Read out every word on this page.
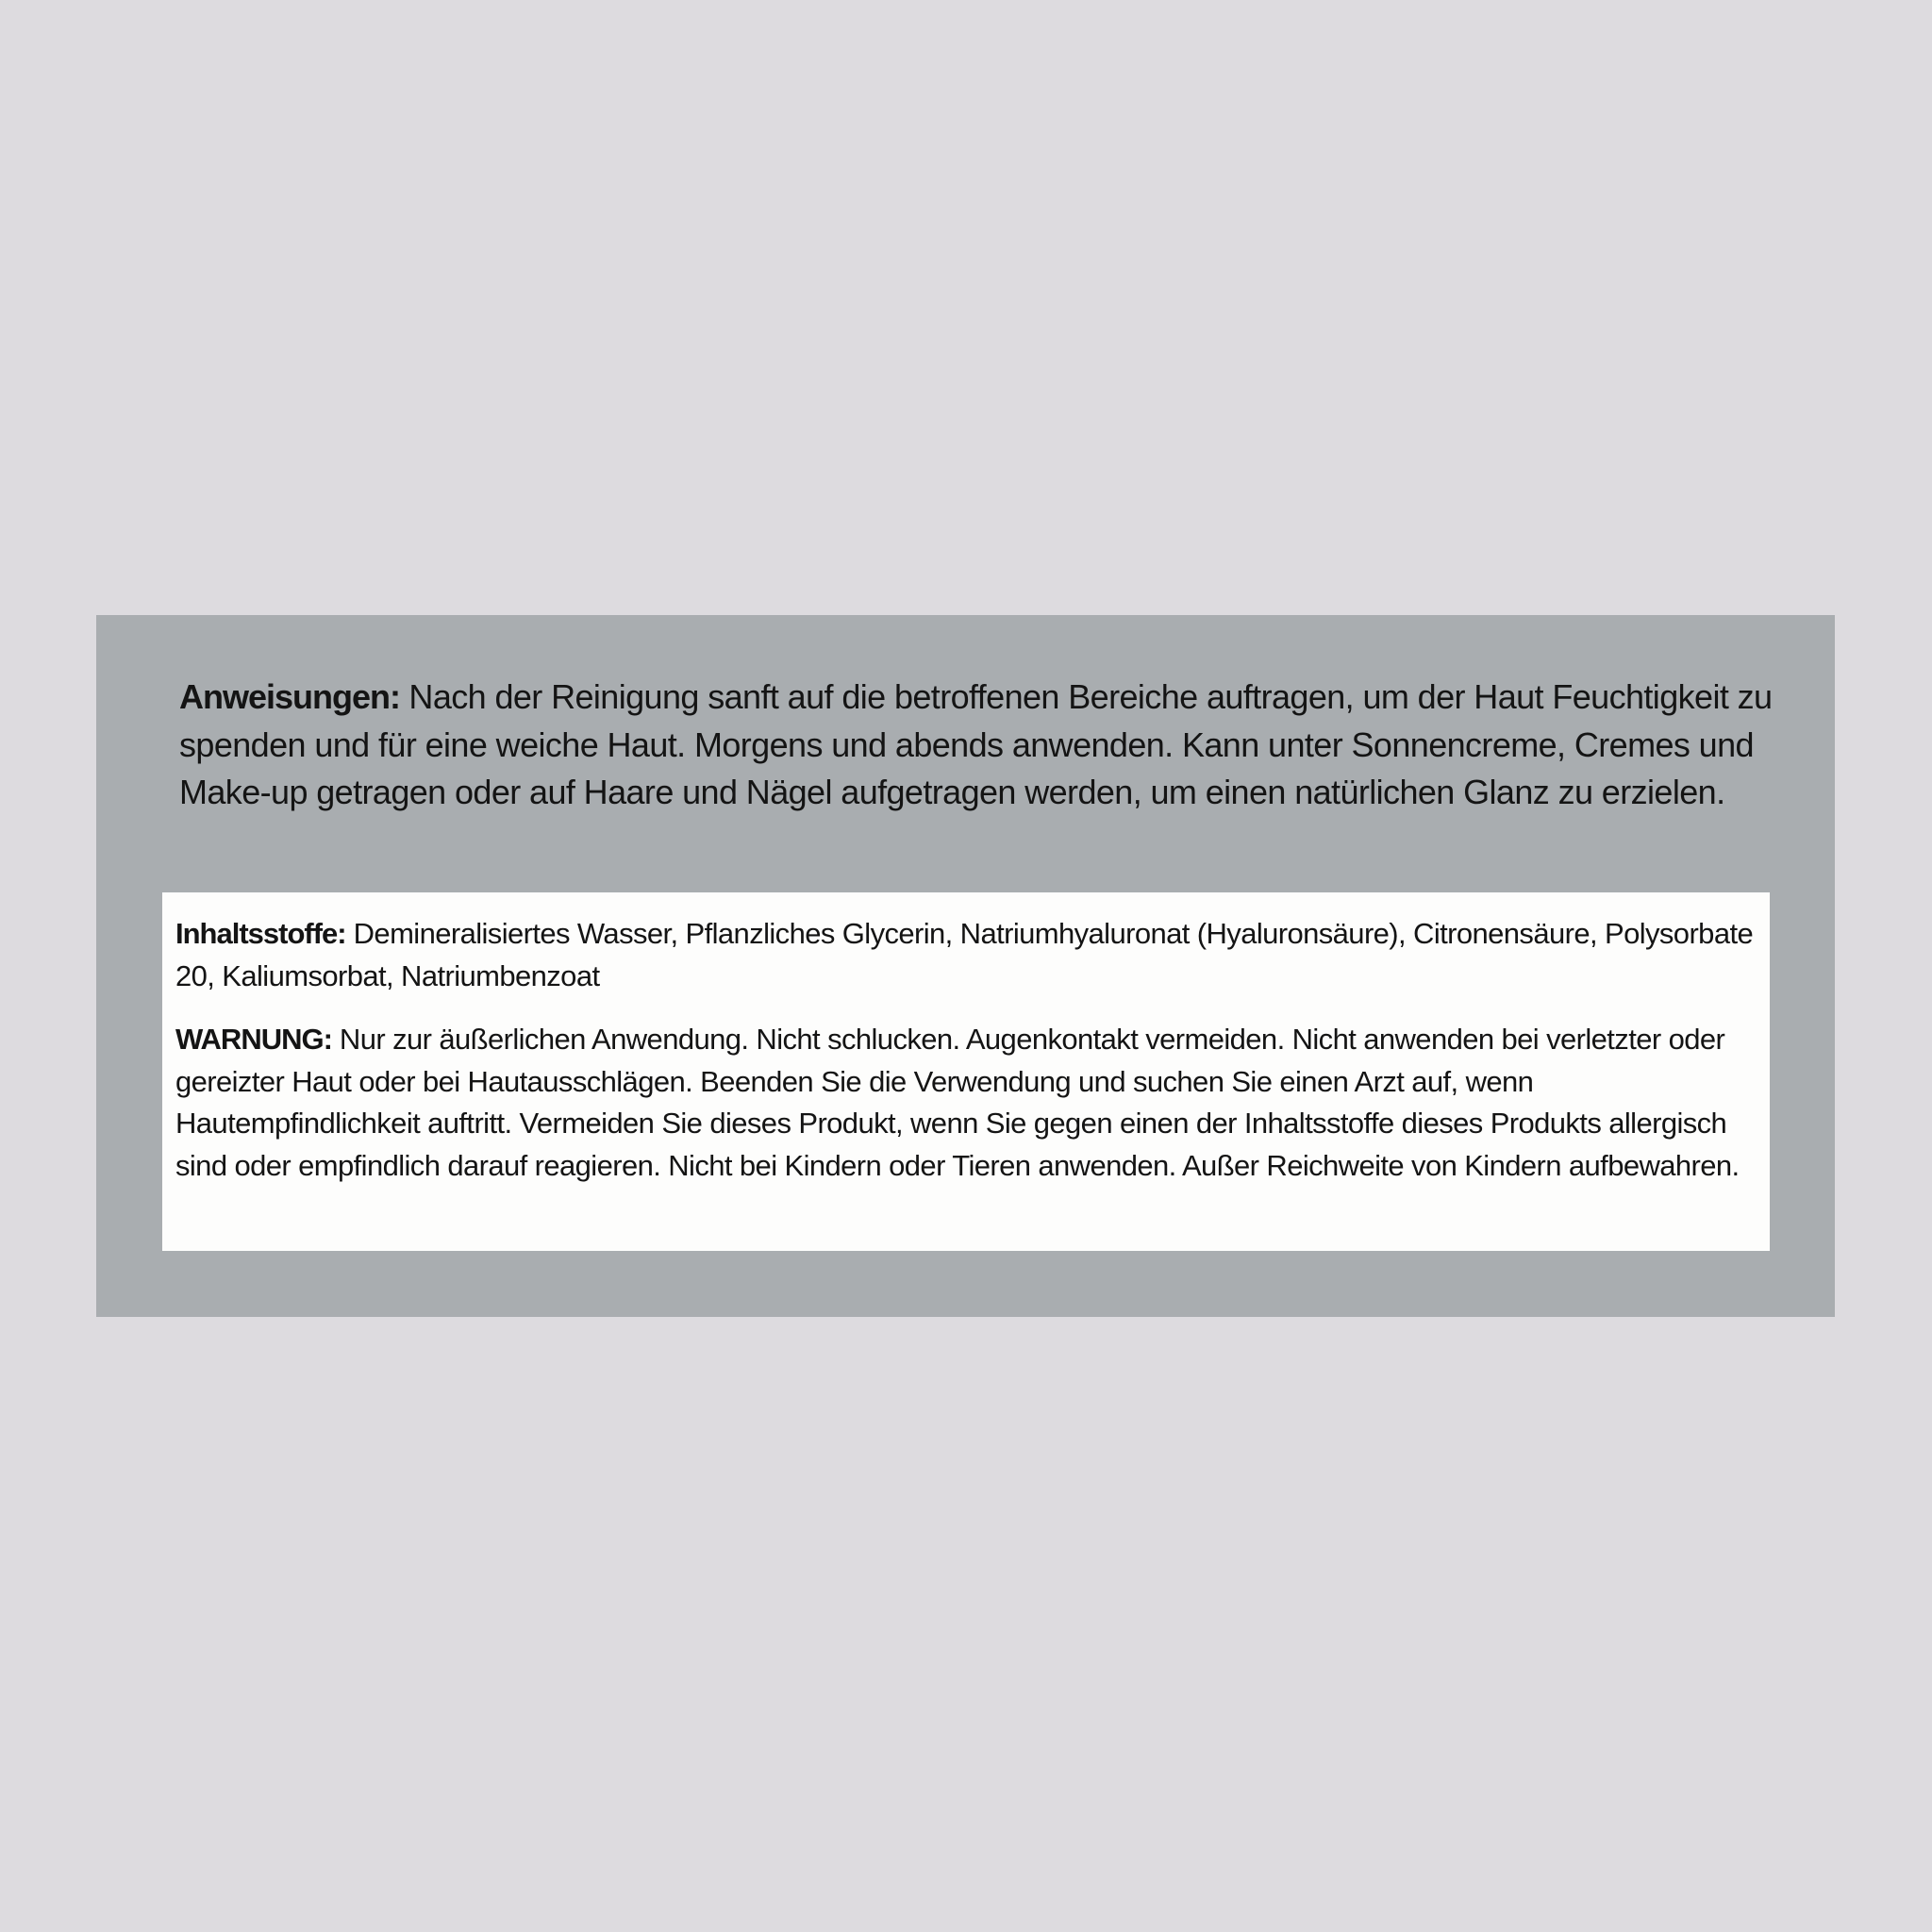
Anweisungen: Nach der Reinigung sanft auf die betroffenen Bereiche auftragen, um der Haut Feuchtigkeit zu spenden und für eine weiche Haut. Morgens und abends anwenden. Kann unter Sonnencreme, Cremes und Make-up getragen oder auf Haare und Nägel aufgetragen werden, um einen natürlichen Glanz zu erzielen.

Inhaltsstoffe: Demineralisiertes Wasser, Pflanzliches Glycerin, Natriumhyaluronat (Hyaluronsäure), Citronensäure, Polysorbate 20, Kaliumsorbat, Natriumbenzoat

WARNUNG: Nur zur äußerlichen Anwendung. Nicht schlucken. Augenkontakt vermeiden. Nicht anwenden bei verletzter oder gereizter Haut oder bei Hautausschlägen. Beenden Sie die Verwendung und suchen Sie einen Arzt auf, wenn Hautempfindlichkeit auftritt. Vermeiden Sie dieses Produkt, wenn Sie gegen einen der Inhaltsstoffe dieses Produkts allergisch sind oder empfindlich darauf reagieren. Nicht bei Kindern oder Tieren anwenden. Außer Reichweite von Kindern aufbewahren.
